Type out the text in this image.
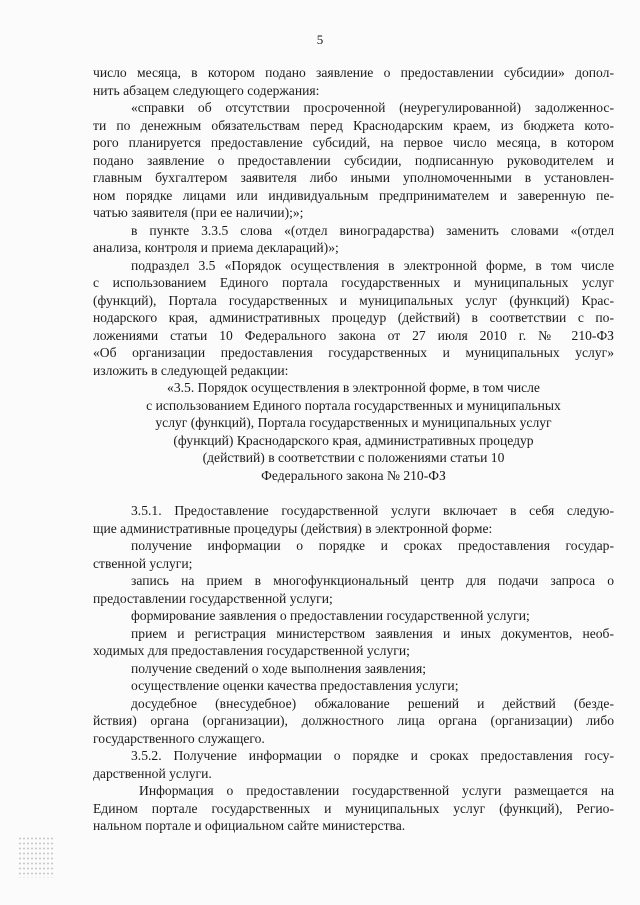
5
число месяца, в котором подано заявление о предоставлении субсидии» допол-
нить абзацем следующего содержания:
«справки об отсутствии просроченной (неурегулированной) задолженнос-
ти по денежным обязательствам перед Краснодарским краем, из бюджета кото-
рого планируется предоставление субсидий, на первое число месяца, в котором
подано заявление о предоставлении субсидии, подписанную руководителем и
главным бухгалтером заявителя либо иными уполномоченными в установлен-
ном порядке лицами или индивидуальным предпринимателем и заверенную пе-
чатью заявителя (при ее наличии);»;
в пункте 3.3.5 слова «(отдел виноградарства) заменить словами «(отдел
анализа, контроля и приема деклараций)»;
подраздел 3.5 «Порядок осуществления в электронной форме, в том числе
с использованием Единого портала государственных и муниципальных услуг
(функций), Портала государственных и муниципальных услуг (функций) Крас-
нодарского края, административных процедур (действий) в соответствии с по-
ложениями статьи 10 Федерального закона от 27 июля 2010 г. № 210-ФЗ
«Об организации предоставления государственных и муниципальных услуг»
изложить в следующей редакции:
«3.5. Порядок осуществления в электронной форме, в том числе
с использованием Единого портала государственных и муниципальных
услуг (функций), Портала государственных и муниципальных услуг
(функций) Краснодарского края, административных процедур
(действий) в соответствии с положениями статьи 10
Федерального закона № 210-ФЗ
3.5.1. Предоставление государственной услуги включает в себя следую-
щие административные процедуры (действия) в электронной форме:
получение информации о порядке и сроках предоставления государ-
ственной услуги;
запись на прием в многофункциональный центр для подачи запроса о
предоставлении государственной услуги;
формирование заявления о предоставлении государственной услуги;
прием и регистрация министерством заявления и иных документов, необ-
ходимых для предоставления государственной услуги;
получение сведений о ходе выполнения заявления;
осуществление оценки качества предоставления услуги;
досудебное (внесудебное) обжалование решений и действий (безде-
йствия) органа (организации), должностного лица органа (организации) либо
государственного служащего.
3.5.2. Получение информации о порядке и сроках предоставления госу-
дарственной услуги.
Информация о предоставлении государственной услуги размещается на
Едином портале государственных и муниципальных услуг (функций), Регио-
нальном портале и официальном сайте министерства.
